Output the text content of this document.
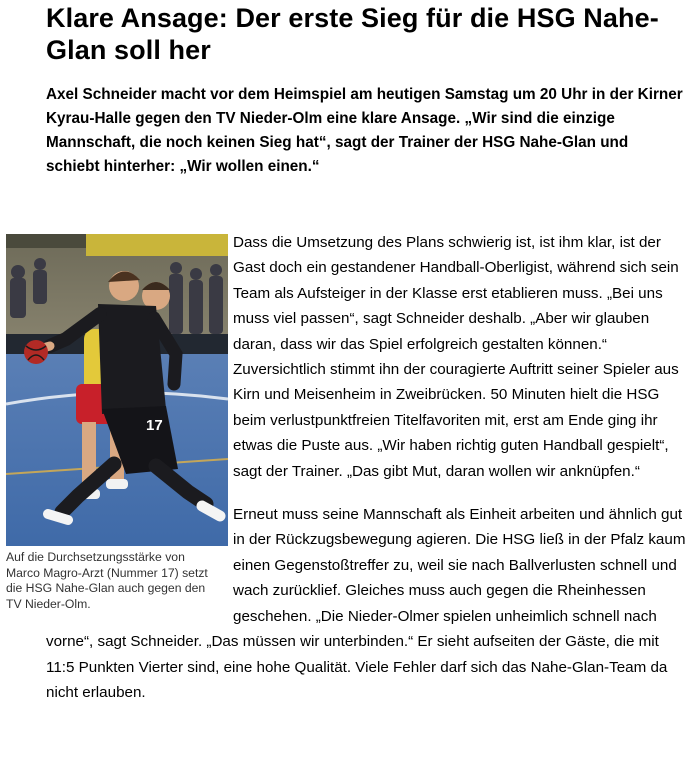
Klare Ansage: Der erste Sieg für die HSG Nahe-Glan soll her

Axel Schneider macht vor dem Heimspiel am heutigen Samstag um 20 Uhr in der Kirner Kyrau-Halle gegen den TV Nieder-Olm eine klare Ansage. „Wir sind die einzige Mannschaft, die noch keinen Sieg hat“, sagt der Trainer der HSG Nahe-Glan und schiebt hinterher: „Wir wollen einen.“

17
Auf die Durchsetzungsstärke von Marco Magro-Arzt (Nummer 17) setzt die HSG Nahe-Glan auch gegen den TV Nieder-Olm.

Dass die Umsetzung des Plans schwierig ist, ist ihm klar, ist der Gast doch ein gestandener Handball-Oberligist, während sich sein Team als Aufsteiger in der Klasse erst etablieren muss. „Bei uns muss viel passen“, sagt Schneider deshalb. „Aber wir glauben daran, dass wir das Spiel erfolgreich gestalten können.“ Zuversichtlich stimmt ihn der couragierte Auftritt seiner Spieler aus Kirn und Meisenheim in Zweibrücken. 50 Minuten hielt die HSG beim verlustpunktfreien Titelfavoriten mit, erst am Ende ging ihr etwas die Puste aus. „Wir haben richtig guten Handball gespielt“, sagt der Trainer. „Das gibt Mut, daran wollen wir anknüpfen.“

Erneut muss seine Mannschaft als Einheit arbeiten und ähnlich gut in der Rückzugsbewegung agieren. Die HSG ließ in der Pfalz kaum einen Gegenstoßtreffer zu, weil sie nach Ballverlusten schnell und wach zurücklief. Gleiches muss auch gegen die Rheinhessen geschehen. „Die Nieder-Olmer spielen unheimlich schnell nach vorne“, sagt Schneider. „Das müssen wir unterbinden.“ Er sieht aufseiten der Gäste, die mit 11:5 Punkten Vierter sind, eine hohe Qualität. Viele Fehler darf sich das Nahe-Glan-Team da nicht erlauben.
